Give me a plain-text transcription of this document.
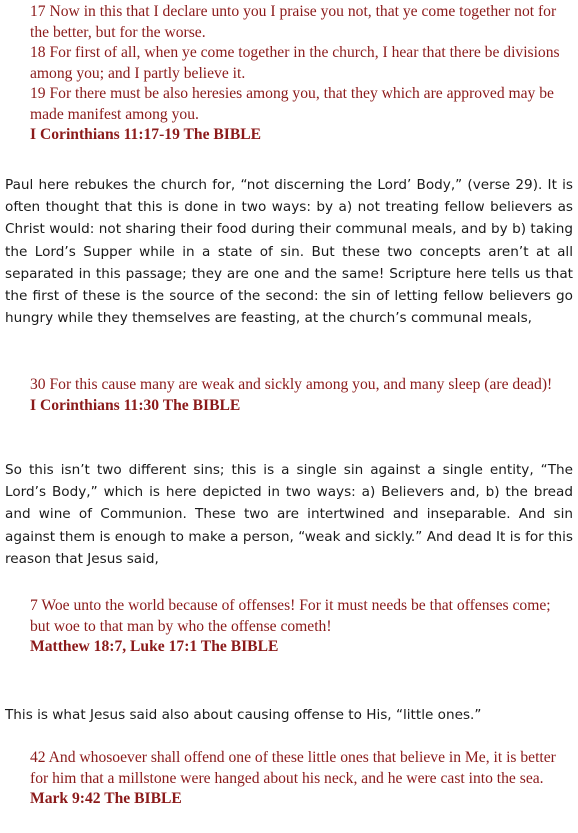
17 Now in this that I declare unto you I praise you not, that ye come together not for the better, but for the worse.

18 For first of all, when ye come together in the church, I hear that there be divisions among you; and I partly believe it.

19 For there must be also heresies among you, that they which are approved may be made manifest among you.

I Corinthians 11:17-19 The BIBLE

Paul here rebukes the church for, “not discerning the Lord’ Body,” (verse 29). It is often thought that this is done in two ways: by a) not treating fellow believers as Christ would: not sharing their food during their communal meals, and by b) taking the Lord’s Supper while in a state of sin. But these two concepts aren’t at all separated in this passage; they are one and the same! Scripture here tells us that the first of these is the source of the second: the sin of letting fellow believers go hungry while they themselves are feasting, at the church’s communal meals,

30 For this cause many are weak and sickly among you, and many sleep (are dead)!

I Corinthians 11:30 The BIBLE

So this isn’t two different sins; this is a single sin against a single entity, “The Lord’s Body,” which is here depicted in two ways: a) Believers and, b) the bread and wine of Communion. These two are intertwined and inseparable. And sin against them is enough to make a person, “weak and sickly.” And dead It is for this reason that Jesus said,

7 Woe unto the world because of offenses! For it must needs be that offenses come; but woe to that man by who the offense cometh!

Matthew 18:7, Luke 17:1 The BIBLE

This is what Jesus said also about causing offense to His, “little ones.”

42 And whosoever shall offend one of these little ones that believe in Me, it is better for him that a millstone were hanged about his neck, and he were cast into the sea.

Mark 9:42 The BIBLE
